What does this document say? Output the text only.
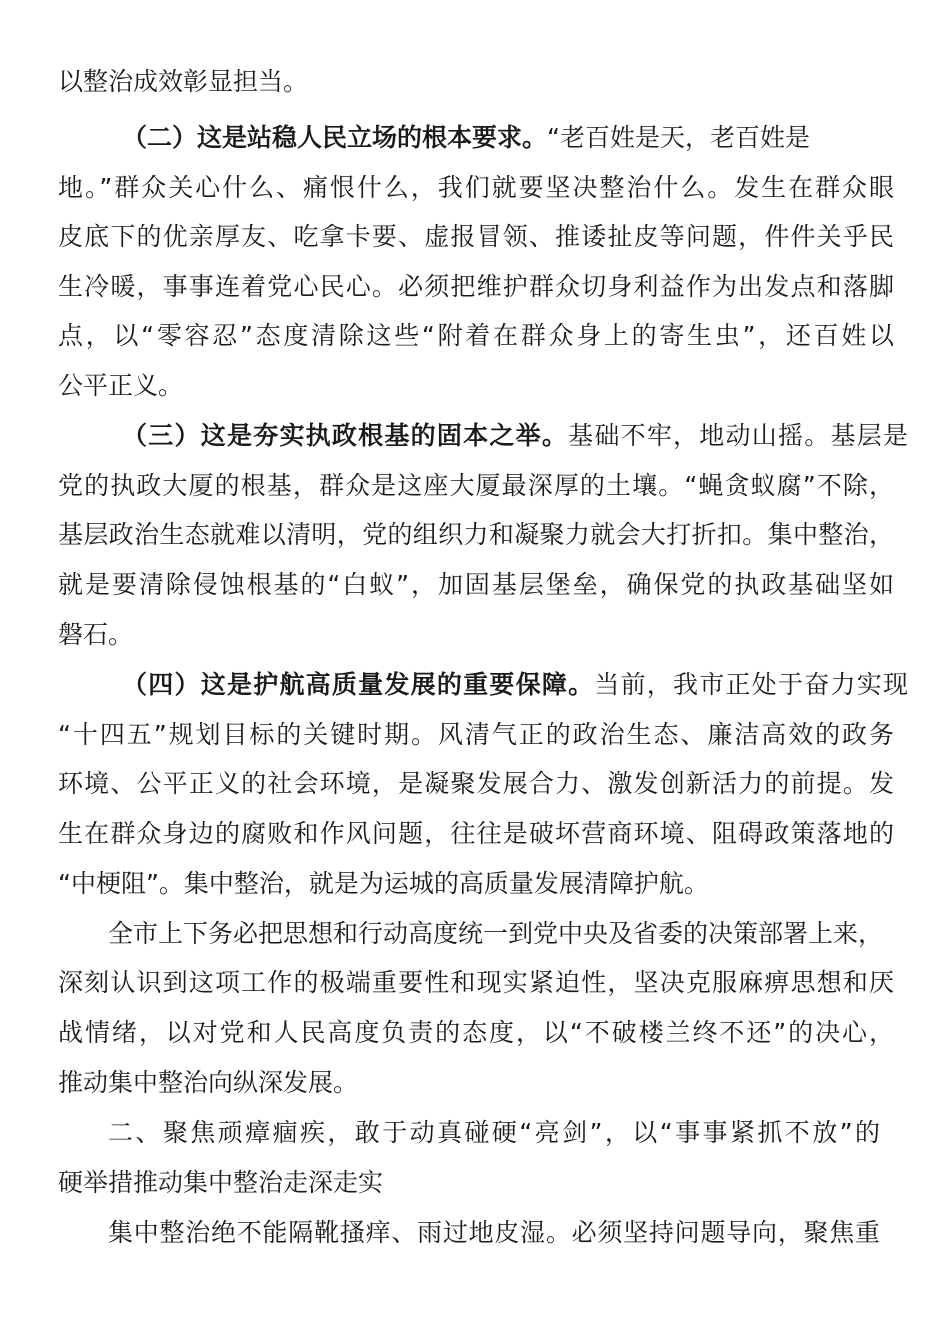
以整治成效彰显担当。
（二）这是站稳人民立场的根本要求。“老百姓是天，老百姓是
地。”群众关心什么、痛恨什么，我们就要坚决整治什么。发生在群众眼
皮底下的优亲厚友、吃拿卡要、虚报冒领、推诿扯皮等问题，件件关乎民
生冷暖，事事连着党心民心。必须把维护群众切身利益作为出发点和落脚
点，以“零容忍”态度清除这些“附着在群众身上的寄生虫”，还百姓以
公平正义。
（三）这是夯实执政根基的固本之举。基础不牢，地动山摇。基层是
党的执政大厦的根基，群众是这座大厦最深厚的土壤。“蝇贪蚁腐”不除，
基层政治生态就难以清明，党的组织力和凝聚力就会大打折扣。集中整治，
就是要清除侵蚀根基的“白蚁”，加固基层堡垒，确保党的执政基础坚如
磐石。
（四）这是护航高质量发展的重要保障。当前，我市正处于奋力实现
“十四五”规划目标的关键时期。风清气正的政治生态、廉洁高效的政务
环境、公平正义的社会环境，是凝聚发展合力、激发创新活力的前提。发
生在群众身边的腐败和作风问题，往往是破坏营商环境、阻碍政策落地的
“中梗阻”。集中整治，就是为运城的高质量发展清障护航。
全市上下务必把思想和行动高度统一到党中央及省委的决策部署上来，
深刻认识到这项工作的极端重要性和现实紧迫性，坚决克服麻痹思想和厌
战情绪，以对党和人民高度负责的态度，以“不破楼兰终不还”的决心，
推动集中整治向纵深发展。
二、聚焦顽瘴痼疾，敢于动真碰硬“亮剑”，以“事事紧抓不放”的
硬举措推动集中整治走深走实
集中整治绝不能隔靴搔痒、雨过地皮湿。必须坚持问题导向，聚焦重
